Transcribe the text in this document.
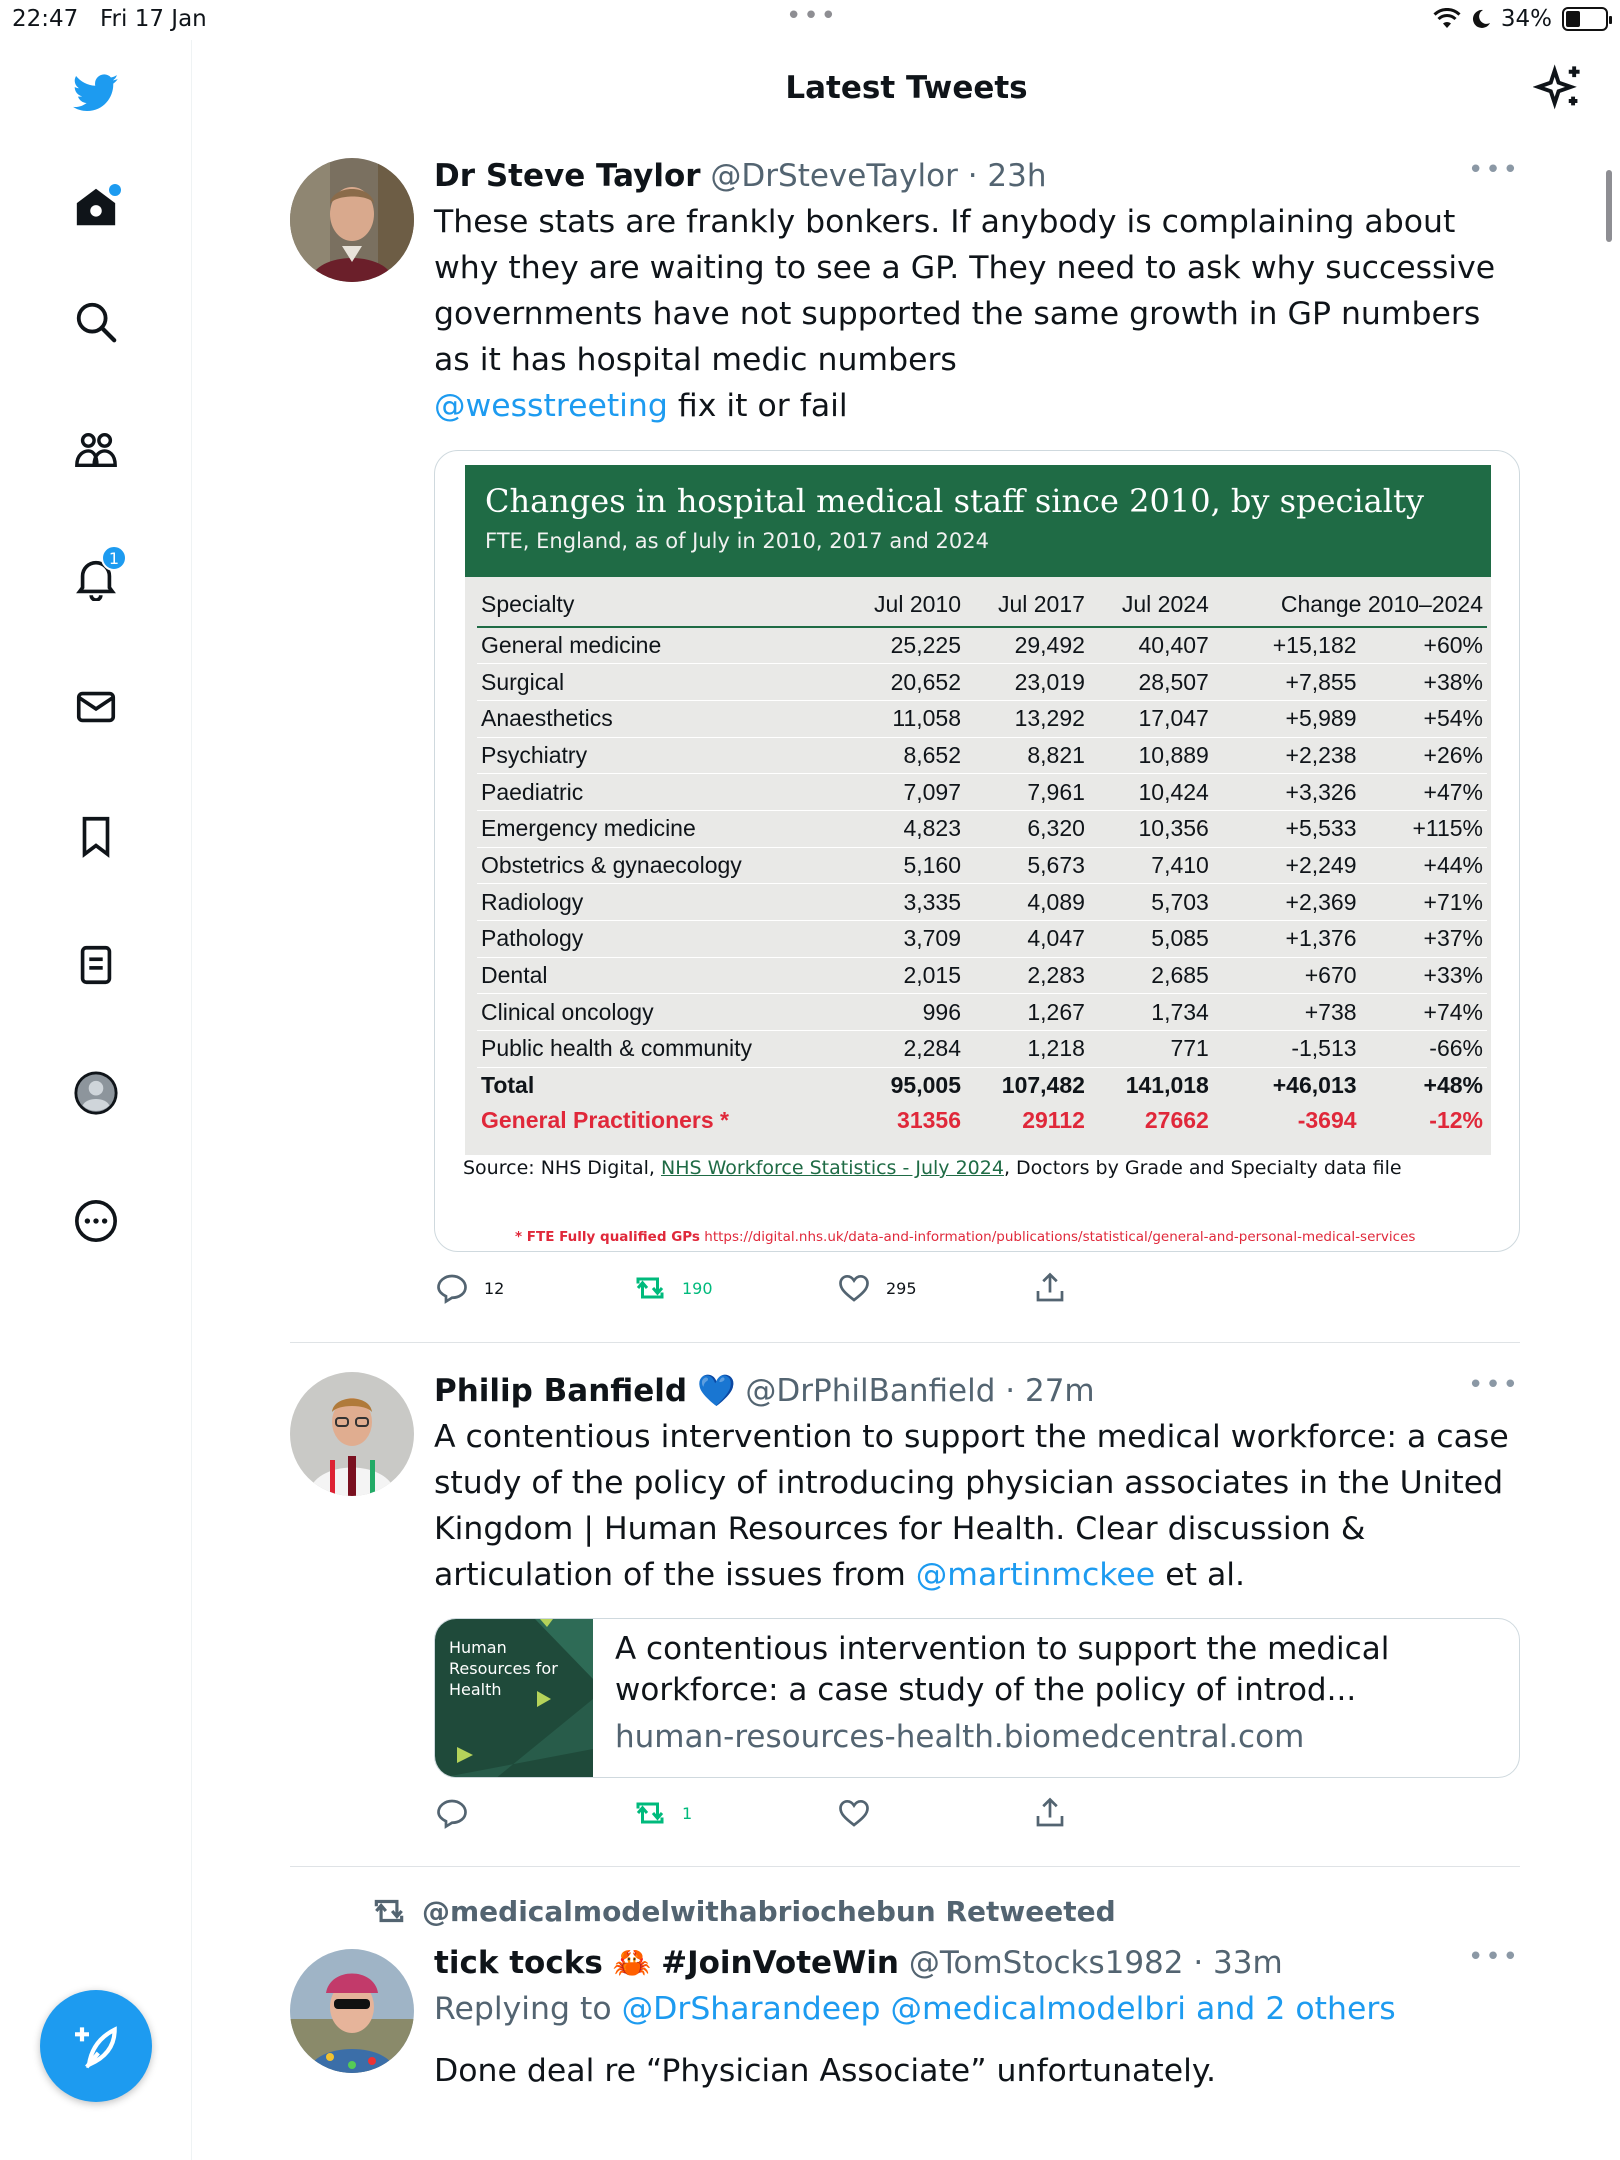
22:47 Fri 17 Jan	•••	34%
1
Latest Tweets
Dr Steve Taylor @DrSteveTaylor · 23h	•••
These stats are frankly bonkers. If anybody is complaining about why they are waiting to see a GP. They need to ask why successive governments have not supported the same growth in GP numbers as it has hospital medic numbers
@wesstreeting fix it or fail
Changes in hospital medical staff since 2010, by specialty
FTE, England, as of July in 2010, 2017 and 2024
Specialty	Jul 2010	Jul 2017	Jul 2024	Change 2010–2024	
General medicine	25,225	29,492	40,407	+15,182	+60%
Surgical	20,652	23,019	28,507	+7,855	+38%
Anaesthetics	11,058	13,292	17,047	+5,989	+54%
Psychiatry	8,652	8,821	10,889	+2,238	+26%
Paediatric	7,097	7,961	10,424	+3,326	+47%
Emergency medicine	4,823	6,320	10,356	+5,533	+115%
Obstetrics & gynaecology	5,160	5,673	7,410	+2,249	+44%
Radiology	3,335	4,089	5,703	+2,369	+71%
Pathology	3,709	4,047	5,085	+1,376	+37%
Dental	2,015	2,283	2,685	+670	+33%
Clinical oncology	996	1,267	1,734	+738	+74%
Public health & community	2,284	1,218	771	-1,513	-66%
Total	95,005	107,482	141,018	+46,013	+48%
General Practitioners *	31356	29112	27662	-3694	-12%
Source: NHS Digital, NHS Workforce Statistics - July 2024, Doctors by Grade and Specialty data file
* FTE Fully qualified GPs https://digital.nhs.uk/data-and-information/publications/statistical/general-and-personal-medical-services
12	190	295
Philip Banfield 💙 @DrPhilBanfield · 27m	•••
A contentious intervention to support the medical workforce: a case study of the policy of introducing physician associates in the United Kingdom | Human Resources for Health. Clear discussion & articulation of the issues from @martinmckee et al.
Human Resources for Health
A contentious intervention to support the medical workforce: a case study of the policy of introd...
human-resources-health.biomedcentral.com
1
@medicalmodelwithabriochebun Retweeted
tick tocks 🦀 #JoinVoteWin @TomStocks1982 · 33m	•••
Replying to @DrSharandeep @medicalmodelbri and 2 others
Done deal re “Physician Associate” unfortunately.
